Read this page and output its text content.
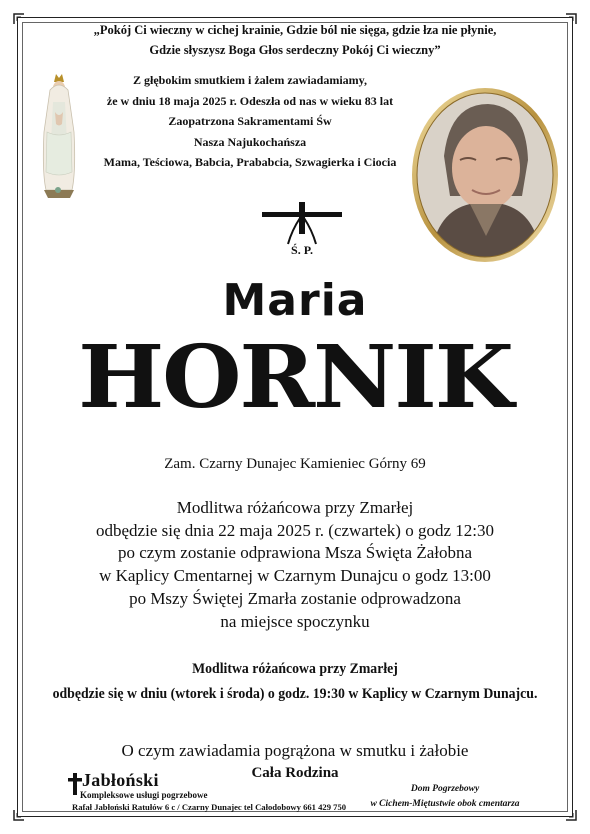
„Pokój Ci wieczny w cichej krainie, Gdzie ból nie sięga, gdzie łza nie płynie,
Gdzie słyszysz Boga Głos serdeczny Pokój Ci wieczny”
Z głębokim smutkiem i żalem zawiadamiamy,
że w dniu 18 maja 2025 r. Odeszła od nas w wieku 83 lat
Zaopatrzona Sakramentami Św
Nasza Najukochańsza
Mama, Teściowa, Babcia, Prababcia, Szwagierka i Ciocia
Ś. P.
Maria
HORNIK
Zam. Czarny Dunajec Kamieniec Górny 69
Modlitwa różańcowa przy Zmarłej
odbędzie się dnia 22 maja 2025 r. (czwartek) o godz 12:30
po czym zostanie odprawiona Msza Święta Żałobna
w Kaplicy Cmentarnej w Czarnym Dunajcu o godz 13:00
po Mszy Świętej Zmarła zostanie odprowadzona
na miejsce spoczynku
Modlitwa różańcowa przy Zmarłej
odbędzie się w dniu (wtorek i środa) o godz. 19:30 w Kaplicy w Czarnym Dunajcu.
O czym zawiadamia pogrążona w smutku i żałobie
Cała Rodzina
Jabłoński
Kompleksowe usługi pogrzebowe
Rafał Jabłoński Ratułów 6 c / Czarny Dunajec tel Całodobowy 661 429 750
Dom Pogrzebowy
w Cichem-Miętustwie obok cmentarza
